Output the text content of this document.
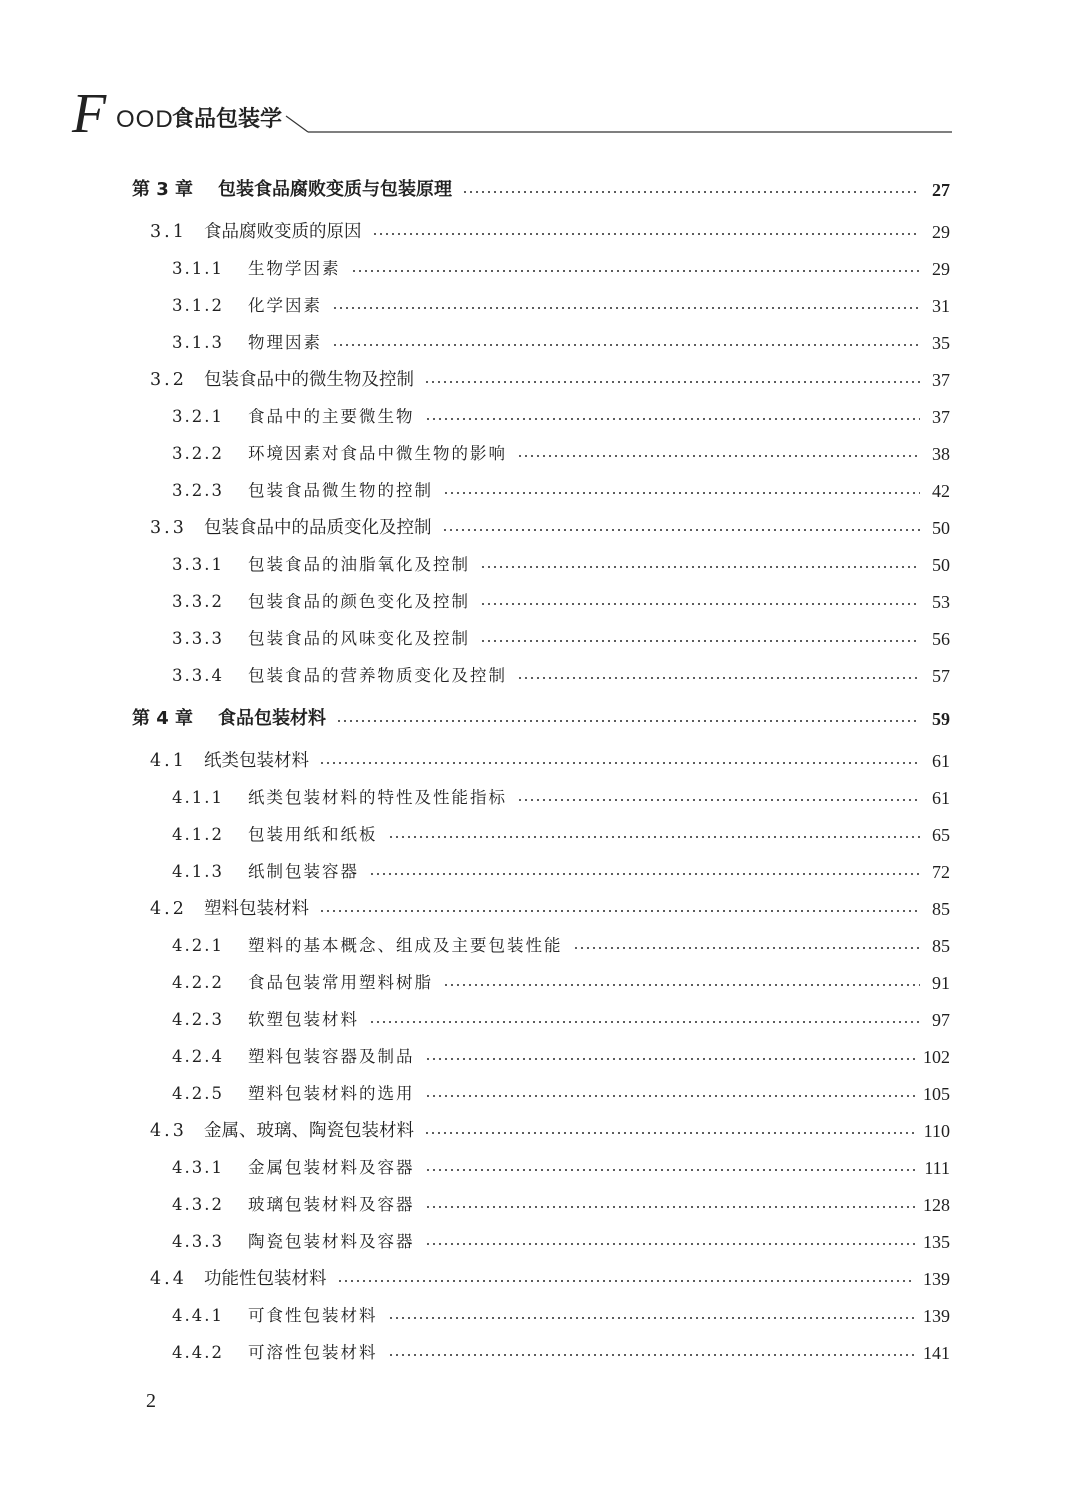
F OOD
食品包装学
第 3 章	包装食品腐败变质与包装原理	27
3.1 食品腐败变质的原因	29
3.1.1	生物学因素	29
3.1.2	化学因素	31
3.1.3	物理因素	35
3.2 包装食品中的微生物及控制	37
3.2.1	食品中的主要微生物	37
3.2.2	环境因素对食品中微生物的影响	38
3.2.3	包装食品微生物的控制	42
3.3 包装食品中的品质变化及控制	50
3.3.1	包装食品的油脂氧化及控制	50
3.3.2	包装食品的颜色变化及控制	53
3.3.3	包装食品的风味变化及控制	56
3.3.4	包装食品的营养物质变化及控制	57
第 4 章	食品包装材料	59
4.1 纸类包装材料	61
4.1.1	纸类包装材料的特性及性能指标	61
4.1.2	包装用纸和纸板	65
4.1.3	纸制包装容器	72
4.2 塑料包装材料	85
4.2.1	塑料的基本概念、组成及主要包装性能	85
4.2.2	食品包装常用塑料树脂	91
4.2.3	软塑包装材料	97
4.2.4	塑料包装容器及制品	102
4.2.5	塑料包装材料的选用	105
4.3 金属、玻璃、陶瓷包装材料	110
4.3.1	金属包装材料及容器	111
4.3.2	玻璃包装材料及容器	128
4.3.3	陶瓷包装材料及容器	135
4.4 功能性包装材料	139
4.4.1	可食性包装材料	139
4.4.2	可溶性包装材料	141
2
